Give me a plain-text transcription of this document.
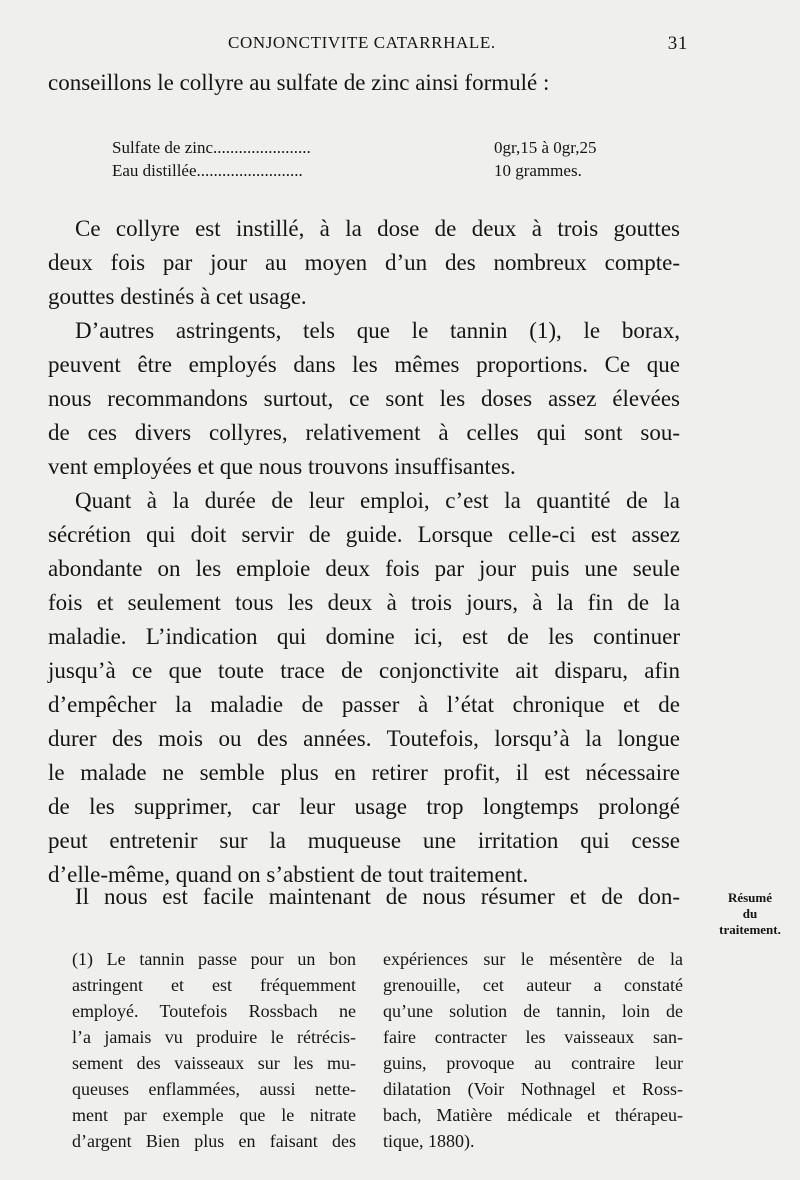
CONJONCTIVITE CATARRHALE.	31
conseillons le collyre au sulfate de zinc ainsi formulé :
Sulfate de zinc.......................	0gr,15 à 0gr,25
Eau distillée.........................	10 grammes.
Ce collyre est instillé, à la dose de deux à trois gouttes
deux fois par jour au moyen d’un des nombreux compte-
gouttes destinés à cet usage.
D’autres astringents, tels que le tannin (1), le borax,
peuvent être employés dans les mêmes proportions. Ce que
nous recommandons surtout, ce sont les doses assez élevées
de ces divers collyres, relativement à celles qui sont sou-
vent employées et que nous trouvons insuffisantes.
Quant à la durée de leur emploi, c’est la quantité de la
sécrétion qui doit servir de guide. Lorsque celle-ci est assez
abondante on les emploie deux fois par jour puis une seule
fois et seulement tous les deux à trois jours, à la fin de la
maladie. L’indication qui domine ici, est de les continuer
jusqu’à ce que toute trace de conjonctivite ait disparu, afin
d’empêcher la maladie de passer à l’état chronique et de
durer des mois ou des années. Toutefois, lorsqu’à la longue
le malade ne semble plus en retirer profit, il est nécessaire
de les supprimer, car leur usage trop longtemps prolongé
peut entretenir sur la muqueuse une irritation qui cesse
d’elle-même, quand on s’abstient de tout traitement.
Il nous est facile maintenant de nous résumer et de don-	Résumé
du
traitement.
(1) Le tannin passe pour un bon
astringent et est fréquemment
employé. Toutefois Rossbach ne
l’a jamais vu produire le rétrécis-
sement des vaisseaux sur les mu-
queuses enflammées, aussi nette-
ment par exemple que le nitrate
d’argent Bien plus en faisant des
expériences sur le mésentère de la
grenouille, cet auteur a constaté
qu’une solution de tannin, loin de
faire contracter les vaisseaux san-
guins, provoque au contraire leur
dilatation (Voir Nothnagel et Ross-
bach, Matière médicale et thérapeu-
tique, 1880).
